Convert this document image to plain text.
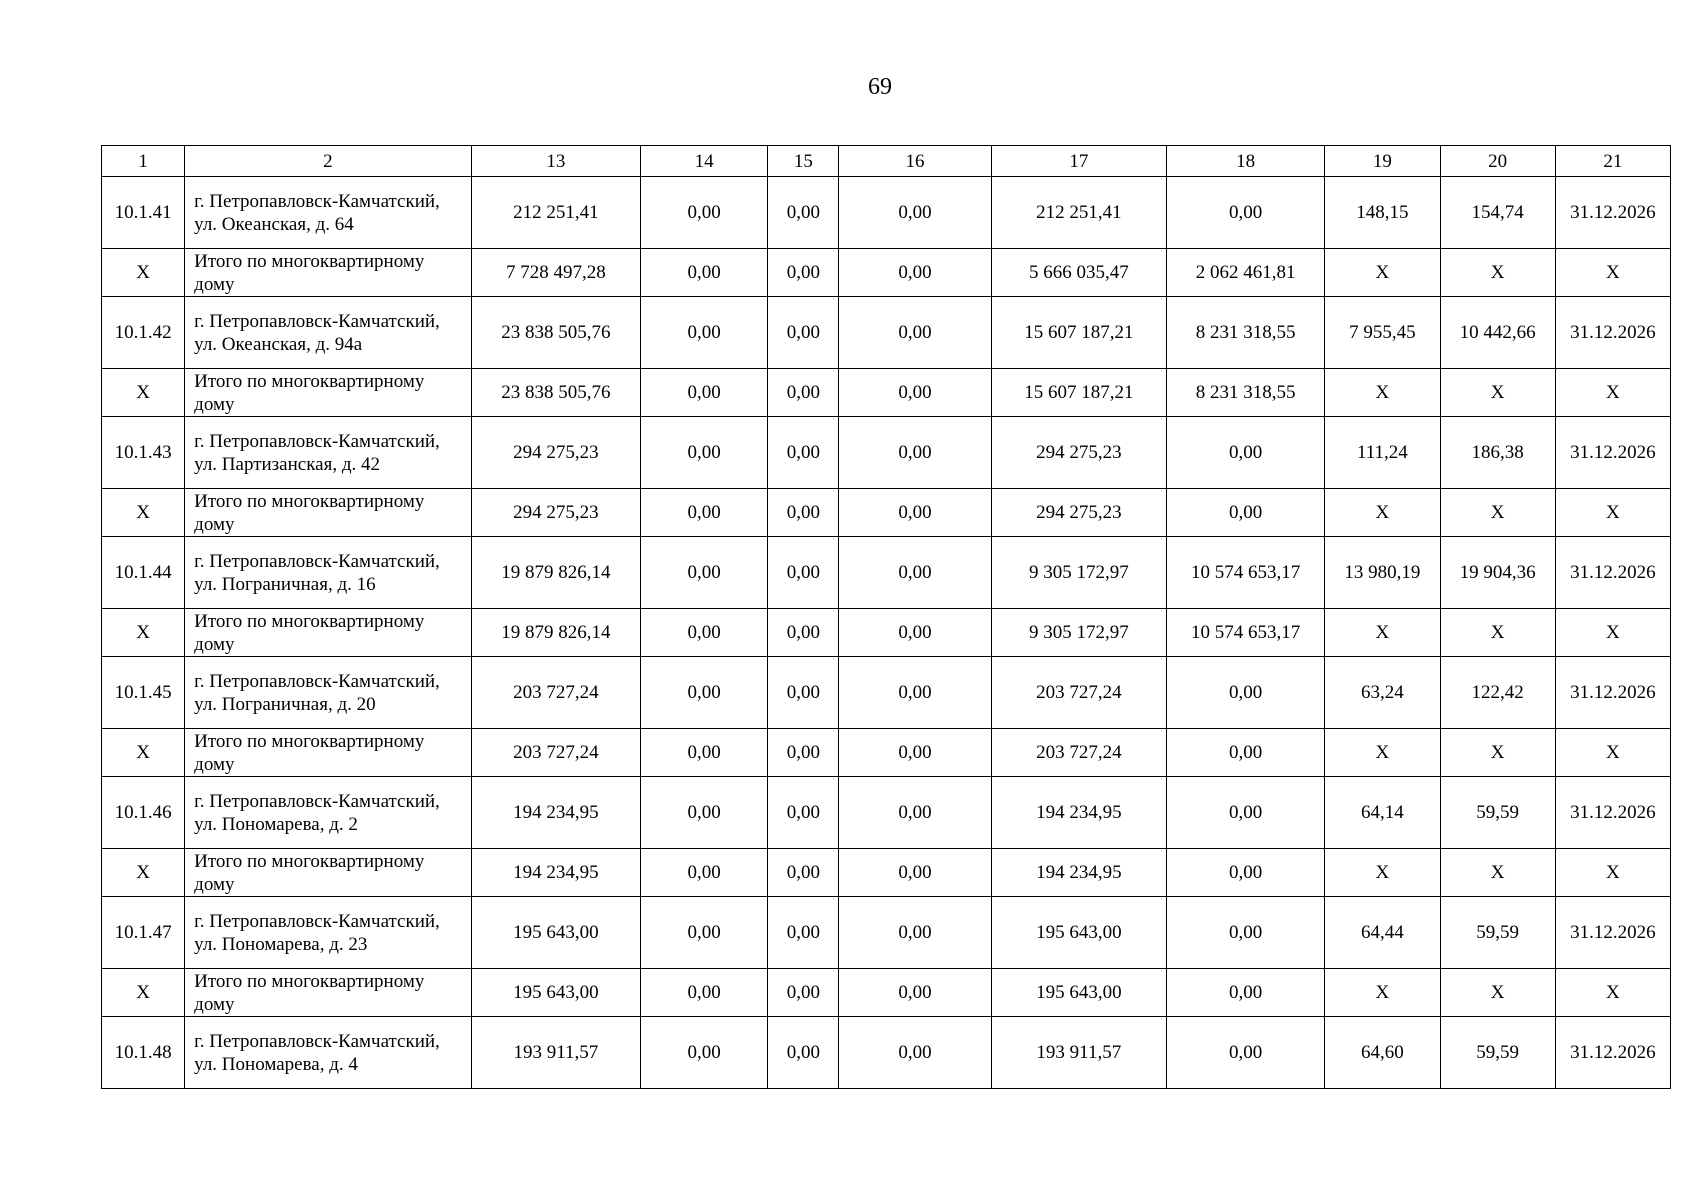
69
1	2	13	14	15	16	17	18	19	20	21
10.1.41	г. Петропавловск-Камчатский, ул. Океанская, д. 64	212 251,41	0,00	0,00	0,00	212 251,41	0,00	148,15	154,74	31.12.2026
Х	Итого по многоквартирному дому	7 728 497,28	0,00	0,00	0,00	5 666 035,47	2 062 461,81	Х	Х	Х
10.1.42	г. Петропавловск-Камчатский, ул. Океанская, д. 94а	23 838 505,76	0,00	0,00	0,00	15 607 187,21	8 231 318,55	7 955,45	10 442,66	31.12.2026
Х	Итого по многоквартирному дому	23 838 505,76	0,00	0,00	0,00	15 607 187,21	8 231 318,55	Х	Х	Х
10.1.43	г. Петропавловск-Камчатский, ул. Партизанская, д. 42	294 275,23	0,00	0,00	0,00	294 275,23	0,00	111,24	186,38	31.12.2026
Х	Итого по многоквартирному дому	294 275,23	0,00	0,00	0,00	294 275,23	0,00	Х	Х	Х
10.1.44	г. Петропавловск-Камчатский, ул. Пограничная, д. 16	19 879 826,14	0,00	0,00	0,00	9 305 172,97	10 574 653,17	13 980,19	19 904,36	31.12.2026
Х	Итого по многоквартирному дому	19 879 826,14	0,00	0,00	0,00	9 305 172,97	10 574 653,17	Х	Х	Х
10.1.45	г. Петропавловск-Камчатский, ул. Пограничная, д. 20	203 727,24	0,00	0,00	0,00	203 727,24	0,00	63,24	122,42	31.12.2026
Х	Итого по многоквартирному дому	203 727,24	0,00	0,00	0,00	203 727,24	0,00	Х	Х	Х
10.1.46	г. Петропавловск-Камчатский, ул. Пономарева, д. 2	194 234,95	0,00	0,00	0,00	194 234,95	0,00	64,14	59,59	31.12.2026
Х	Итого по многоквартирному дому	194 234,95	0,00	0,00	0,00	194 234,95	0,00	Х	Х	Х
10.1.47	г. Петропавловск-Камчатский, ул. Пономарева, д. 23	195 643,00	0,00	0,00	0,00	195 643,00	0,00	64,44	59,59	31.12.2026
Х	Итого по многоквартирному дому	195 643,00	0,00	0,00	0,00	195 643,00	0,00	Х	Х	Х
10.1.48	г. Петропавловск-Камчатский, ул. Пономарева, д. 4	193 911,57	0,00	0,00	0,00	193 911,57	0,00	64,60	59,59	31.12.2026
